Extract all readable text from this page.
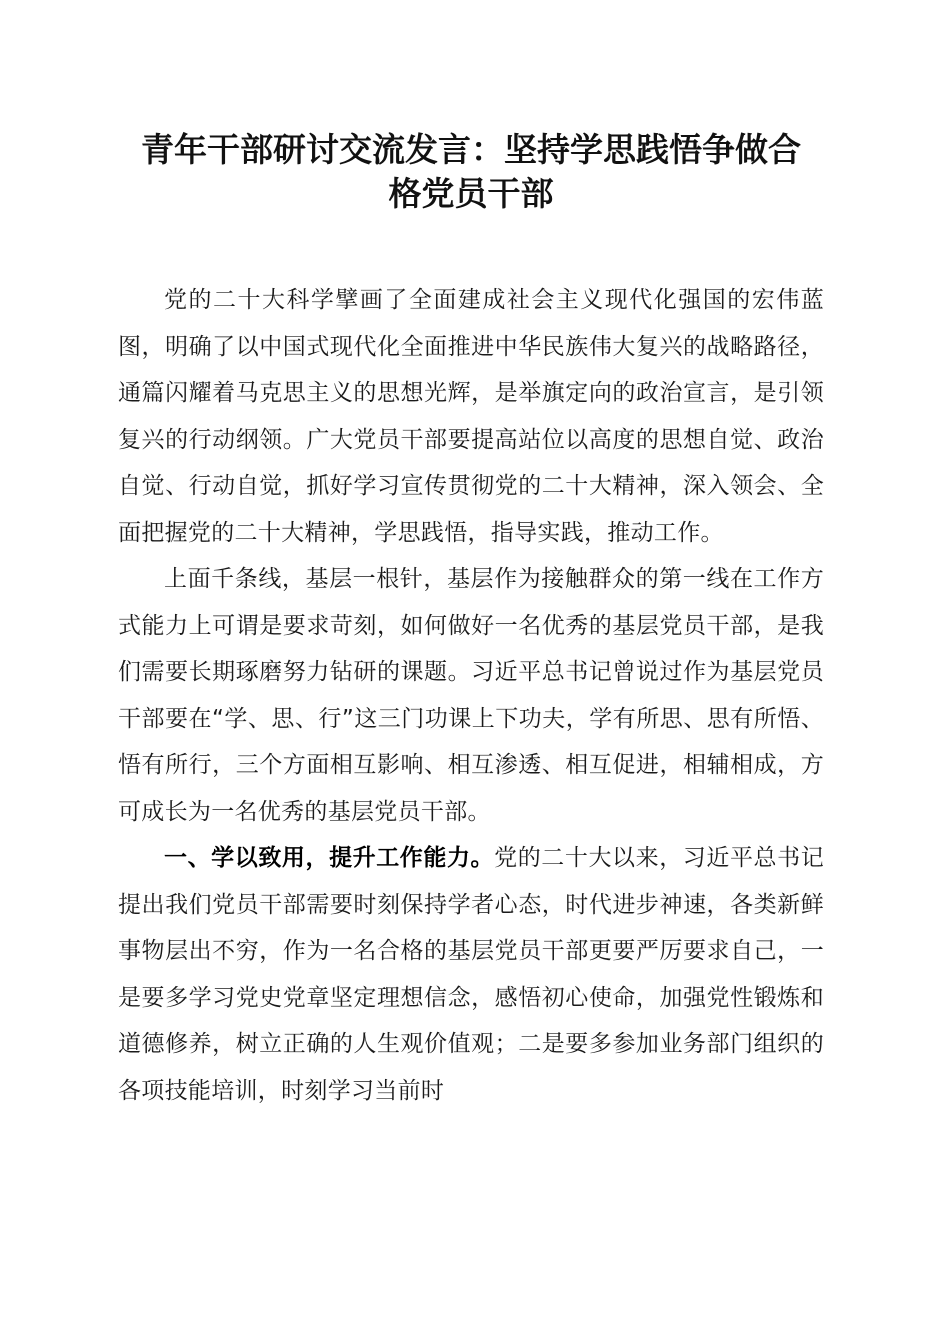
青年干部研讨交流发言：坚持学思践悟争做合
格党员干部

党的二十大科学擘画了全面建成社会主义现代化强国的宏伟蓝图，明确了以中国式现代化全面推进中华民族伟大复兴的战略路径，通篇闪耀着马克思主义的思想光辉，是举旗定向的政治宣言，是引领复兴的行动纲领。广大党员干部要提高站位以高度的思想自觉、政治自觉、行动自觉，抓好学习宣传贯彻党的二十大精神，深入领会、全面把握党的二十大精神，学思践悟，指导实践，推动工作。

上面千条线，基层一根针，基层作为接触群众的第一线在工作方式能力上可谓是要求苛刻，如何做好一名优秀的基层党员干部，是我们需要长期琢磨努力钻研的课题。习近平总书记曾说过作为基层党员干部要在“学、思、行”这三门功课上下功夫，学有所思、思有所悟、悟有所行，三个方面相互影响、相互渗透、相互促进，相辅相成，方可成长为一名优秀的基层党员干部。

一、学以致用，提升工作能力。党的二十大以来，习近平总书记提出我们党员干部需要时刻保持学者心态，时代进步神速，各类新鲜事物层出不穷，作为一名合格的基层党员干部更要严厉要求自己，一是要多学习党史党章坚定理想信念，感悟初心使命，加强党性锻炼和道德修养，树立正确的人生观价值观；二是要多参加业务部门组织的各项技能培训，时刻学习当前时
